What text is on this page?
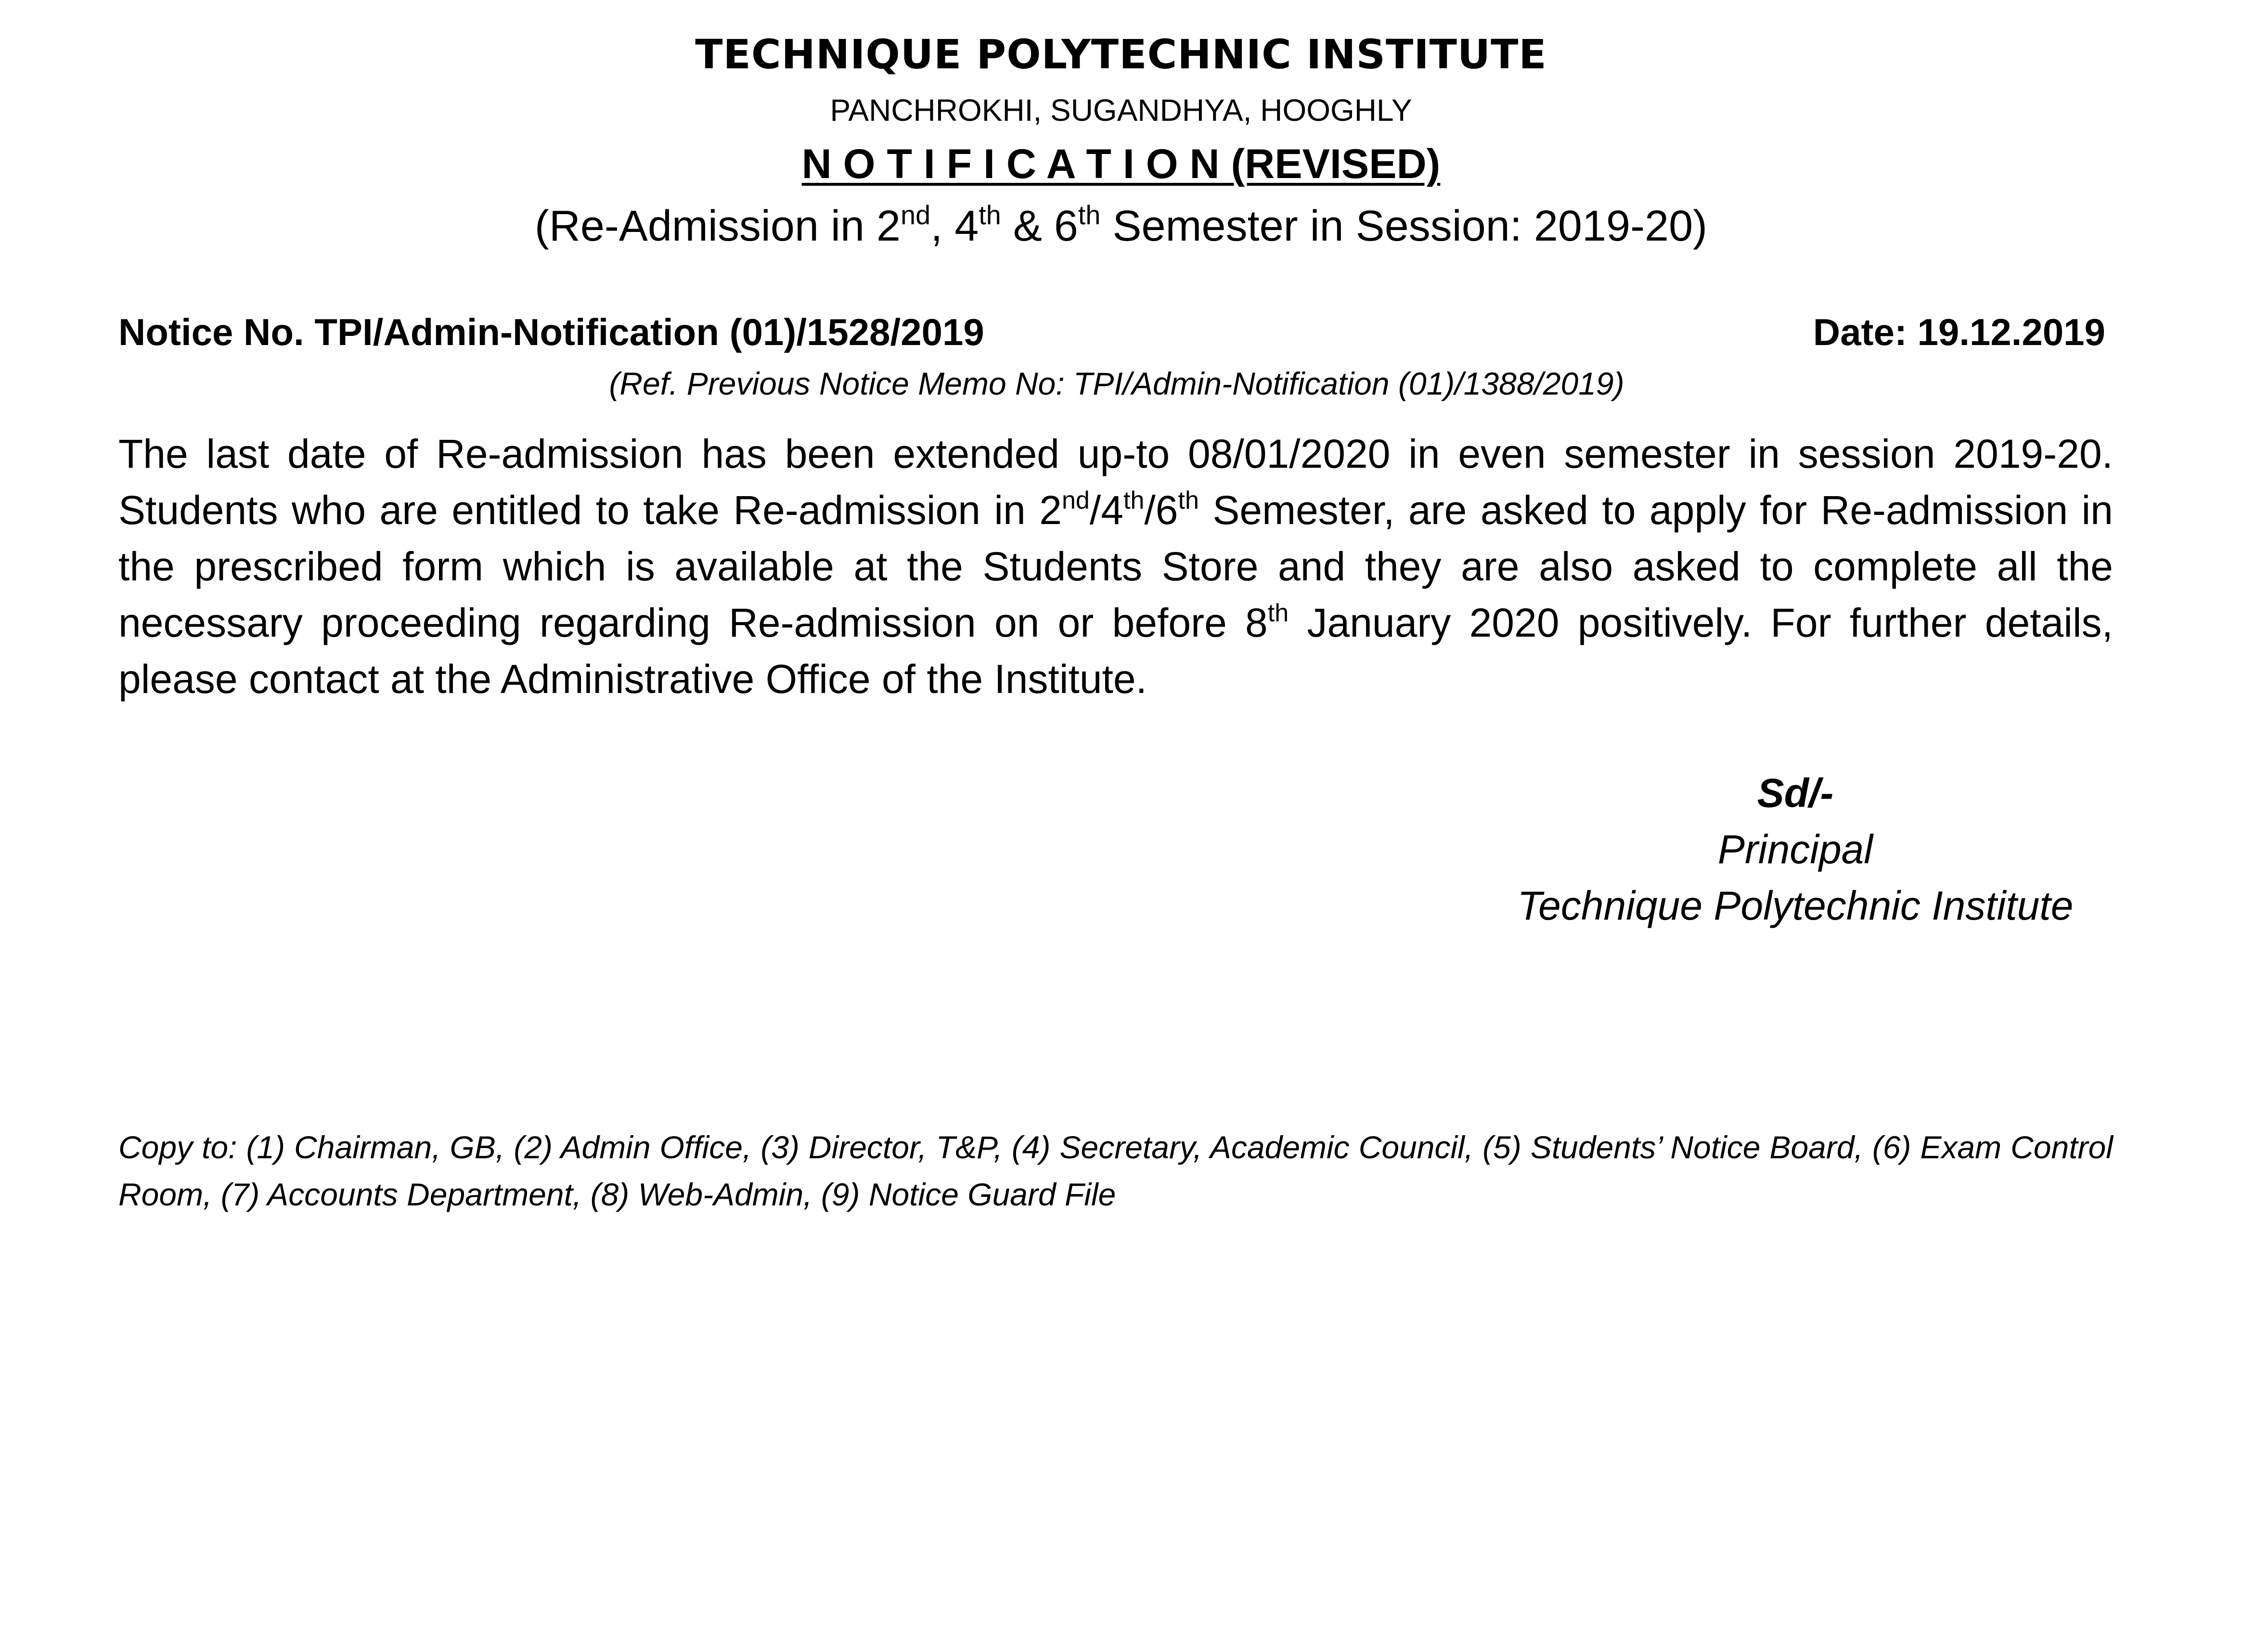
TECHNIQUE POLYTECHNIC INSTITUTE
PANCHROKHI, SUGANDHYA, HOOGHLY
N O T I F I C A T I O N (REVISED)
(Re-Admission in 2nd, 4th & 6th Semester in Session: 2019-20)
Notice No. TPI/Admin-Notification (01)/1528/2019	Date: 19.12.2019
(Ref. Previous Notice Memo No: TPI/Admin-Notification (01)/1388/2019)
The last date of Re-admission has been extended up-to 08/01/2020 in even semester in session 2019-20. Students who are entitled to take Re-admission in 2nd/4th/6th Semester, are asked to apply for Re-admission in the prescribed form which is available at the Students Store and they are also asked to complete all the necessary proceeding regarding Re-admission on or before 8th January 2020 positively. For further details, please contact at the Administrative Office of the Institute.
Sd/-
Principal
Technique Polytechnic Institute
Copy to: (1) Chairman, GB, (2) Admin Office, (3) Director, T&P, (4) Secretary, Academic Council, (5) Students’ Notice Board, (6) Exam Control Room, (7) Accounts Department, (8) Web-Admin, (9) Notice Guard File
